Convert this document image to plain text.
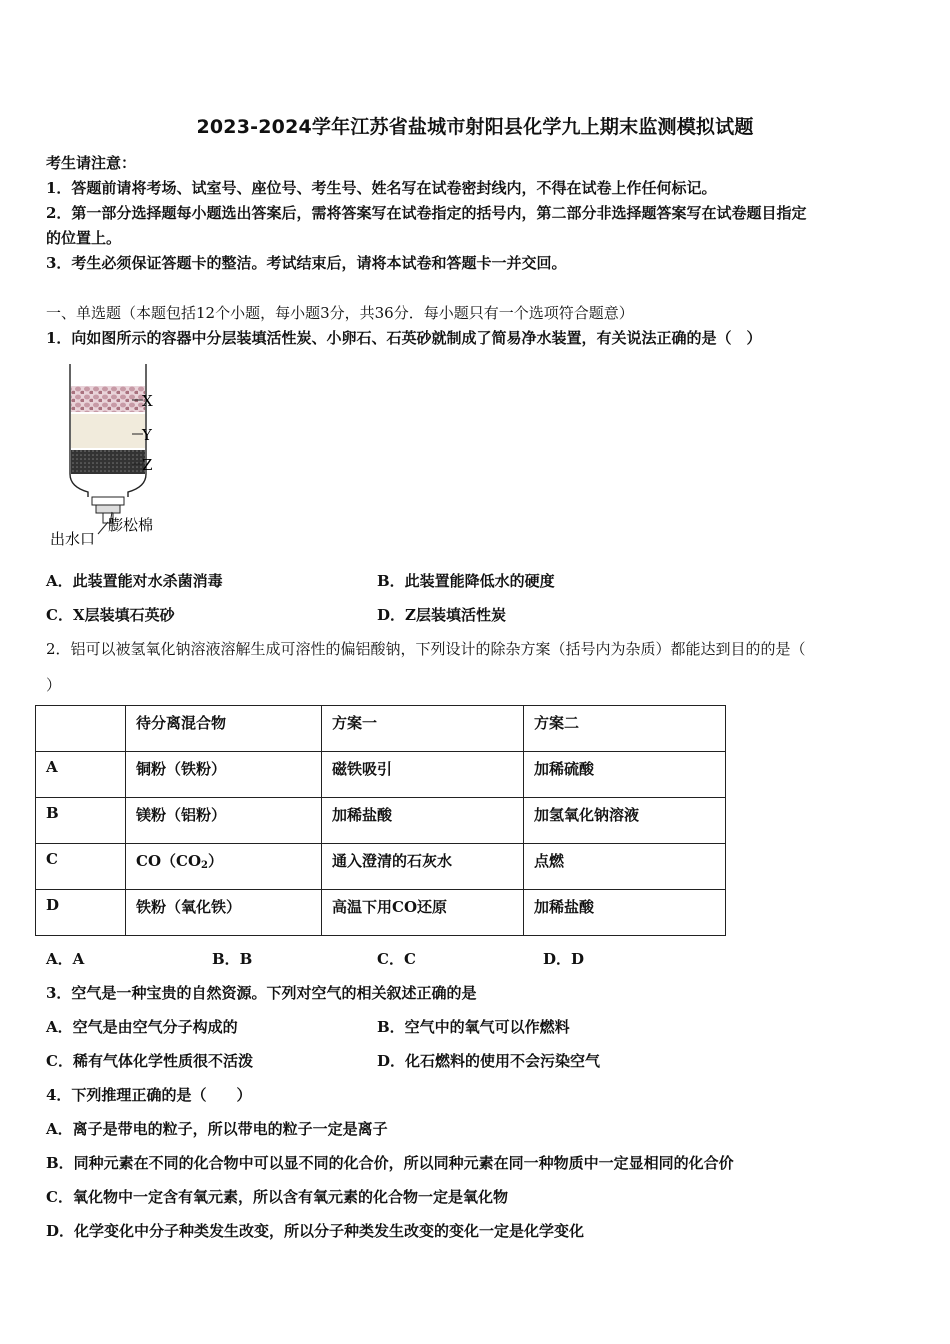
2023-2024学年江苏省盐城市射阳县化学九上期末监测模拟试题
考生请注意：
1．答题前请将考场、试室号、座位号、考生号、姓名写在试卷密封线内，不得在试卷上作任何标记。
2．第一部分选择题每小题选出答案后，需将答案写在试卷指定的括号内，第二部分非选择题答案写在试卷题目指定
的位置上。
3．考生必须保证答题卡的整洁。考试结束后，请将本试卷和答题卡一并交回。
一、单选题（本题包括12个小题，每小题3分，共36分．每小题只有一个选项符合题意）
1．向如图所示的容器中分层装填活性炭、小卵石、石英砂就制成了简易净水装置，有关说法正确的是（　）
X
Y
Z
膨松棉
出水口
A．此装置能对水杀菌消毒	B．此装置能降低水的硬度
C．X层装填石英砂	D．Z层装填活性炭
2．铝可以被氢氧化钠溶液溶解生成可溶性的偏铝酸钠，下列设计的除杂方案（括号内为杂质）都能达到目的的是（
）
	待分离混合物	方案一	方案二
A	铜粉（铁粉）	磁铁吸引	加稀硫酸
B	镁粉（铝粉）	加稀盐酸	加氢氧化钠溶液
C	$CO(CO_2)$	通入澄清的石灰水	点燃
D	铁粉（氧化铁）	高温下用CO还原	加稀盐酸
A．A	B．B	C．C	D．D
3．空气是一种宝贵的自然资源。下列对空气的相关叙述正确的是
A．空气是由空气分子构成的	B．空气中的氧气可以作燃料
C．稀有气体化学性质很不活泼	D．化石燃料的使用不会污染空气
4．下列推理正确的是（　　）
A．离子是带电的粒子，所以带电的粒子一定是离子
B．同种元素在不同的化合物中可以显不同的化合价，所以同种元素在同一种物质中一定显相同的化合价
C．氧化物中一定含有氧元素，所以含有氧元素的化合物一定是氧化物
D．化学变化中分子种类发生改变，所以分子种类发生改变的变化一定是化学变化
